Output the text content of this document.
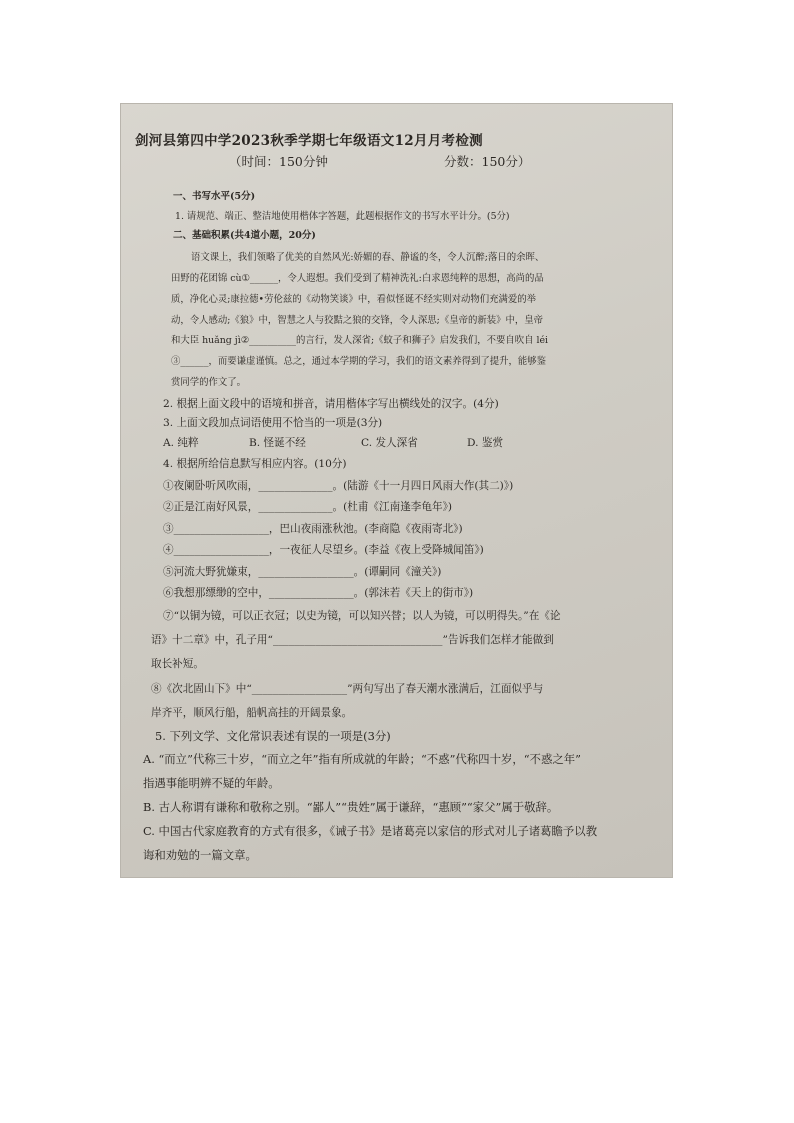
剑河县第四中学2023秋季学期七年级语文12月月考检测
（时间：150分钟	分数：150分）
一、书写水平(5分)
1. 请规范、端正、整洁地使用楷体字答题，此题根据作文的书写水平计分。(5分)
二、基础积累(共4道小题，20分)
语文课上，我们领略了优美的自然风光:娇媚的春、静谧的冬，令人沉醉;落日的余晖、
田野的花团锦 cù①______，令人遐想。我们受到了精神洗礼:白求恩纯粹的思想，高尚的品
质，净化心灵;康拉德•劳伦兹的《动物笑谈》中，看似怪诞不经实则对动物们充满爱的举
动，令人感动;《狼》中，智慧之人与狡黠之狼的交锋，令人深思;《皇帝的新装》中，皇帝
和大臣 huǎng jì②__________的言行，发人深省;《蚊子和狮子》启发我们，不要自吹自 léi
③______，而要谦虚谨慎。总之，通过本学期的学习，我们的语文素养得到了提升，能够鉴
赏同学的作文了。
2. 根据上面文段中的语境和拼音，请用楷体字写出横线处的汉字。(4分)
3. 上面文段加点词语使用不恰当的一项是(3分)
A. 纯粹	B. 怪诞不经	C. 发人深省	D. 鉴赏
4. 根据所给信息默写相应内容。(10分)
①夜阑卧听风吹雨，______________。(陆游《十一月四日风雨大作(其二)》)
②正是江南好风景，______________。(杜甫《江南逢李龟年》)
③__________________，巴山夜雨涨秋池。(李商隐《夜雨寄北》)
④__________________，一夜征人尽望乡。(李益《夜上受降城闻笛》)
⑤河流大野犹嫌束，__________________。(谭嗣同《潼关》)
⑥我想那缥缈的空中，________________。(郭沫若《天上的街市》)
⑦“以铜为镜，可以正衣冠；以史为镜，可以知兴替；以人为镜，可以明得失。”在《论
语》十二章》中，孔子用“________________________________”告诉我们怎样才能做到
取长补短。
⑧《次北固山下》中“__________________”两句写出了春天潮水涨满后，江面似乎与
岸齐平，顺风行船，船帆高挂的开阔景象。
5. 下列文学、文化常识表述有误的一项是(3分)
A. “而立”代称三十岁，“而立之年”指有所成就的年龄；“不惑”代称四十岁，“不惑之年”
指遇事能明辨不疑的年龄。
B. 古人称谓有谦称和敬称之别。“鄙人”“贵姓”属于谦辞，“惠顾”“家父”属于敬辞。
C. 中国古代家庭教育的方式有很多，《诫子书》是诸葛亮以家信的形式对儿子诸葛瞻予以教
诲和劝勉的一篇文章。
